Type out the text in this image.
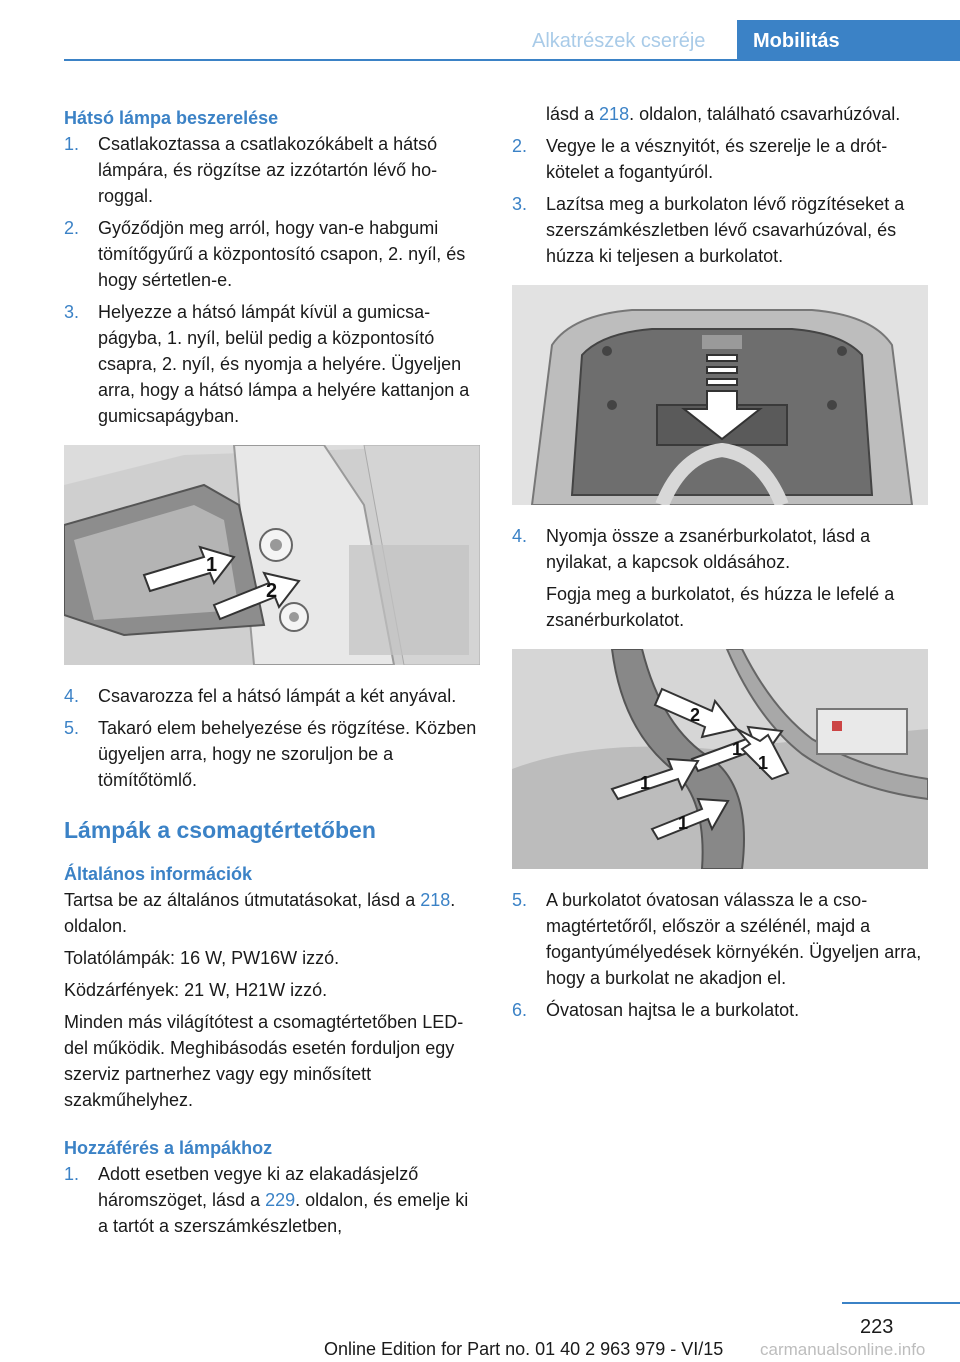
Alkatrészek cseréje	Mobilitás
Hátsó lámpa beszerelése
1.	Csatlakoztassa a csatlakozókábelt a hátsó lámpára, és rögzítse az izzótartón lévő horoggal.
2.	Győződjön meg arról, hogy van-e habgumi tömítőgyűrű a központosító csapon, 2. nyíl, és hogy sértetlen-e.
3.	Helyezze a hátsó lámpát kívül a gumicsapágyba, 1. nyíl, belül pedig a központosító csapra, 2. nyíl, és nyomja a helyére. Ügyeljen arra, hogy a hátsó lámpa a helyére kattanjon a gumicsapágyban.
1
2
4.	Csavarozza fel a hátsó lámpát a két anyával.
5.	Takaró elem behelyezése és rögzítése. Közben ügyeljen arra, hogy ne szoruljon be a tömítőtömlő.
Lámpák a csomagtértetőben
Általános információk
Tartsa be az általános útmutatásokat, lásd a 218. oldalon.
Tolatólámpák: 16 W, PW16W izzó.
Ködzárfények: 21 W, H21W izzó.
Minden más világítótest a csomagtértetőben LED-del működik. Meghibásodás esetén forduljon egy szerviz partnerhez vagy egy minősített szakműhelyhez.
Hozzáférés a lámpákhoz
1.	Adott esetben vegye ki az elakadásjelző háromszöget, lásd a 229. oldalon, és emelje ki a tartót a szerszámkészletben,
lásd a 218. oldalon, található csavarhúzóval.
2.	Vegye le a vésznyitót, és szerelje le a drótkötelet a fogantyúról.
3.	Lazítsa meg a burkolaton lévő rögzítéseket a szerszámkészletben lévő csavarhúzóval, és húzza ki teljesen a burkolatot.
4.	Nyomja össze a zsanérburkolatot, lásd a nyilakat, a kapcsok oldásához.
Fogja meg a burkolatot, és húzza le lefelé a zsanérburkolatot.
2
1
1
1
1
5.	A burkolatot óvatosan válassza le a csomagtértetőről, először a szélénél, majd a fogantyúmélyedések környékén. Ügyeljen arra, hogy a burkolat ne akadjon el.
6.	Óvatosan hajtsa le a burkolatot.
223
Online Edition for Part no. 01 40 2 963 979 - VI/15 carmanualsonline.info
